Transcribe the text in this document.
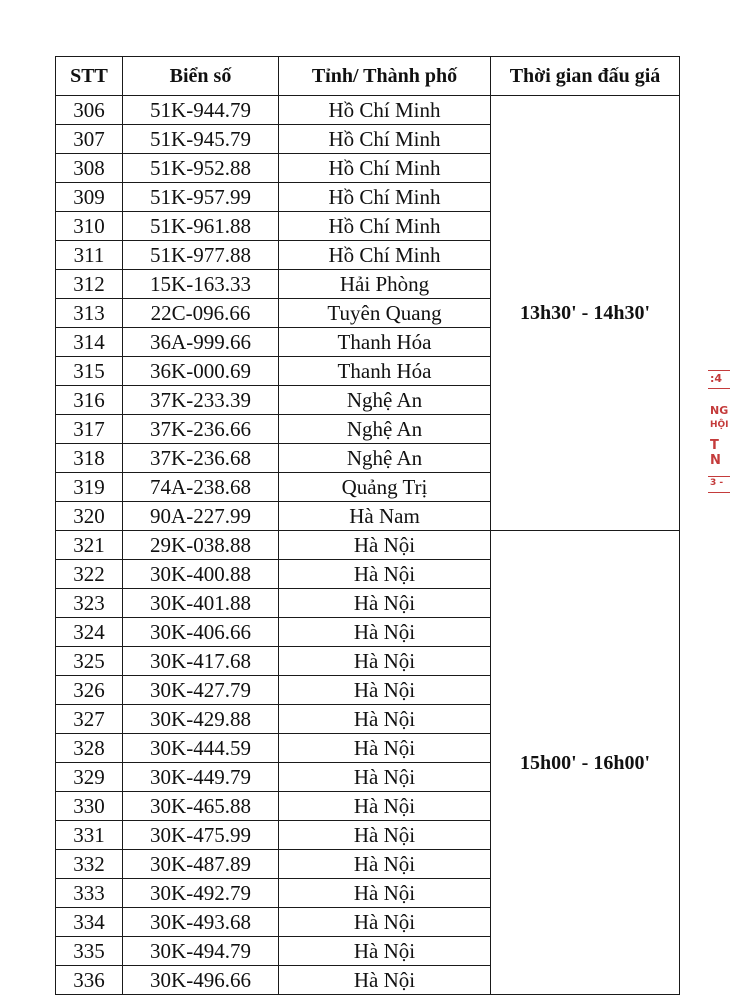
STT	Biển số	Tỉnh/ Thành phố	Thời gian đấu giá
306	51K-944.79	Hồ Chí Minh	13h30' - 14h30'
307	51K-945.79	Hồ Chí Minh	
308	51K-952.88	Hồ Chí Minh	
309	51K-957.99	Hồ Chí Minh	
310	51K-961.88	Hồ Chí Minh	
311	51K-977.88	Hồ Chí Minh	
312	15K-163.33	Hải Phòng	
313	22C-096.66	Tuyên Quang	
314	36A-999.66	Thanh Hóa	
315	36K-000.69	Thanh Hóa	
316	37K-233.39	Nghệ An	
317	37K-236.66	Nghệ An	
318	37K-236.68	Nghệ An	
319	74A-238.68	Quảng Trị	
320	90A-227.99	Hà Nam	
321	29K-038.88	Hà Nội	15h00' - 16h00'
322	30K-400.88	Hà Nội	
323	30K-401.88	Hà Nội	
324	30K-406.66	Hà Nội	
325	30K-417.68	Hà Nội	
326	30K-427.79	Hà Nội	
327	30K-429.88	Hà Nội	
328	30K-444.59	Hà Nội	
329	30K-449.79	Hà Nội	
330	30K-465.88	Hà Nội	
331	30K-475.99	Hà Nội	
332	30K-487.89	Hà Nội	
333	30K-492.79	Hà Nội	
334	30K-493.68	Hà Nội	
335	30K-494.79	Hà Nội	
336	30K-496.66	Hà Nội	
:4
NG
HỘI
T N
3 -
